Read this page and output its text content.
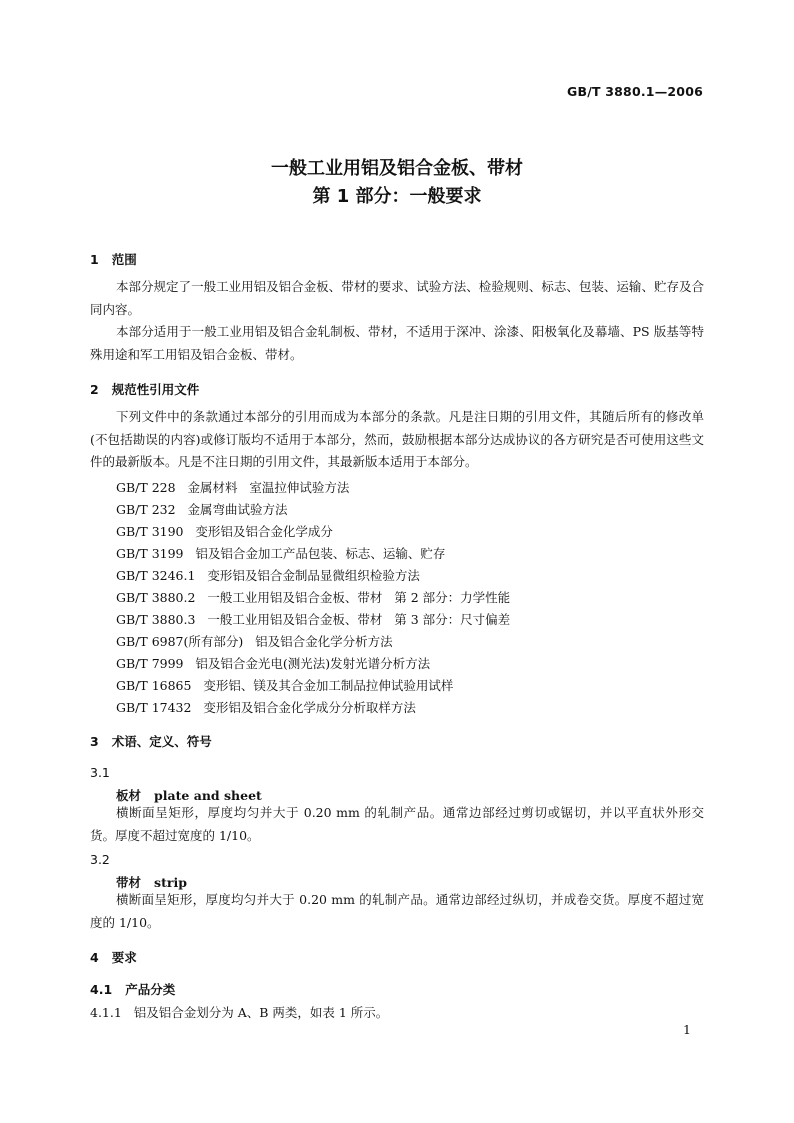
GB/T 3880.1—2006
一般工业用铝及铝合金板、带材
第 1 部分：一般要求
1   范围
本部分规定了一般工业用铝及铝合金板、带材的要求、试验方法、检验规则、标志、包装、运输、贮存及合同内容。
本部分适用于一般工业用铝及铝合金轧制板、带材，不适用于深冲、涂漆、阳极氧化及幕墙、PS 版基等特殊用途和军工用铝及铝合金板、带材。
2   规范性引用文件
下列文件中的条款通过本部分的引用而成为本部分的条款。凡是注日期的引用文件，其随后所有的修改单(不包括勘误的内容)或修订版均不适用于本部分，然而，鼓励根据本部分达成协议的各方研究是否可使用这些文件的最新版本。凡是不注日期的引用文件，其最新版本适用于本部分。
GB/T 228   金属材料   室温拉伸试验方法
GB/T 232   金属弯曲试验方法
GB/T 3190   变形铝及铝合金化学成分
GB/T 3199   铝及铝合金加工产品包装、标志、运输、贮存
GB/T 3246.1   变形铝及铝合金制品显微组织检验方法
GB/T 3880.2   一般工业用铝及铝合金板、带材   第 2 部分：力学性能
GB/T 3880.3   一般工业用铝及铝合金板、带材   第 3 部分：尺寸偏差
GB/T 6987(所有部分)   铝及铝合金化学分析方法
GB/T 7999   铝及铝合金光电(测光法)发射光谱分析方法
GB/T 16865   变形铝、镁及其合金加工制品拉伸试验用试样
GB/T 17432   变形铝及铝合金化学成分分析取样方法
3   术语、定义、符号
3.1
板材   plate and sheet
横断面呈矩形，厚度均匀并大于 0.20 mm 的轧制产品。通常边部经过剪切或锯切，并以平直状外形交货。厚度不超过宽度的 1/10。
3.2
带材   strip
横断面呈矩形，厚度均匀并大于 0.20 mm 的轧制产品。通常边部经过纵切，并成卷交货。厚度不超过宽度的 1/10。
4   要求
4.1   产品分类
4.1.1   铝及铝合金划分为 A、B 两类，如表 1 所示。
1
